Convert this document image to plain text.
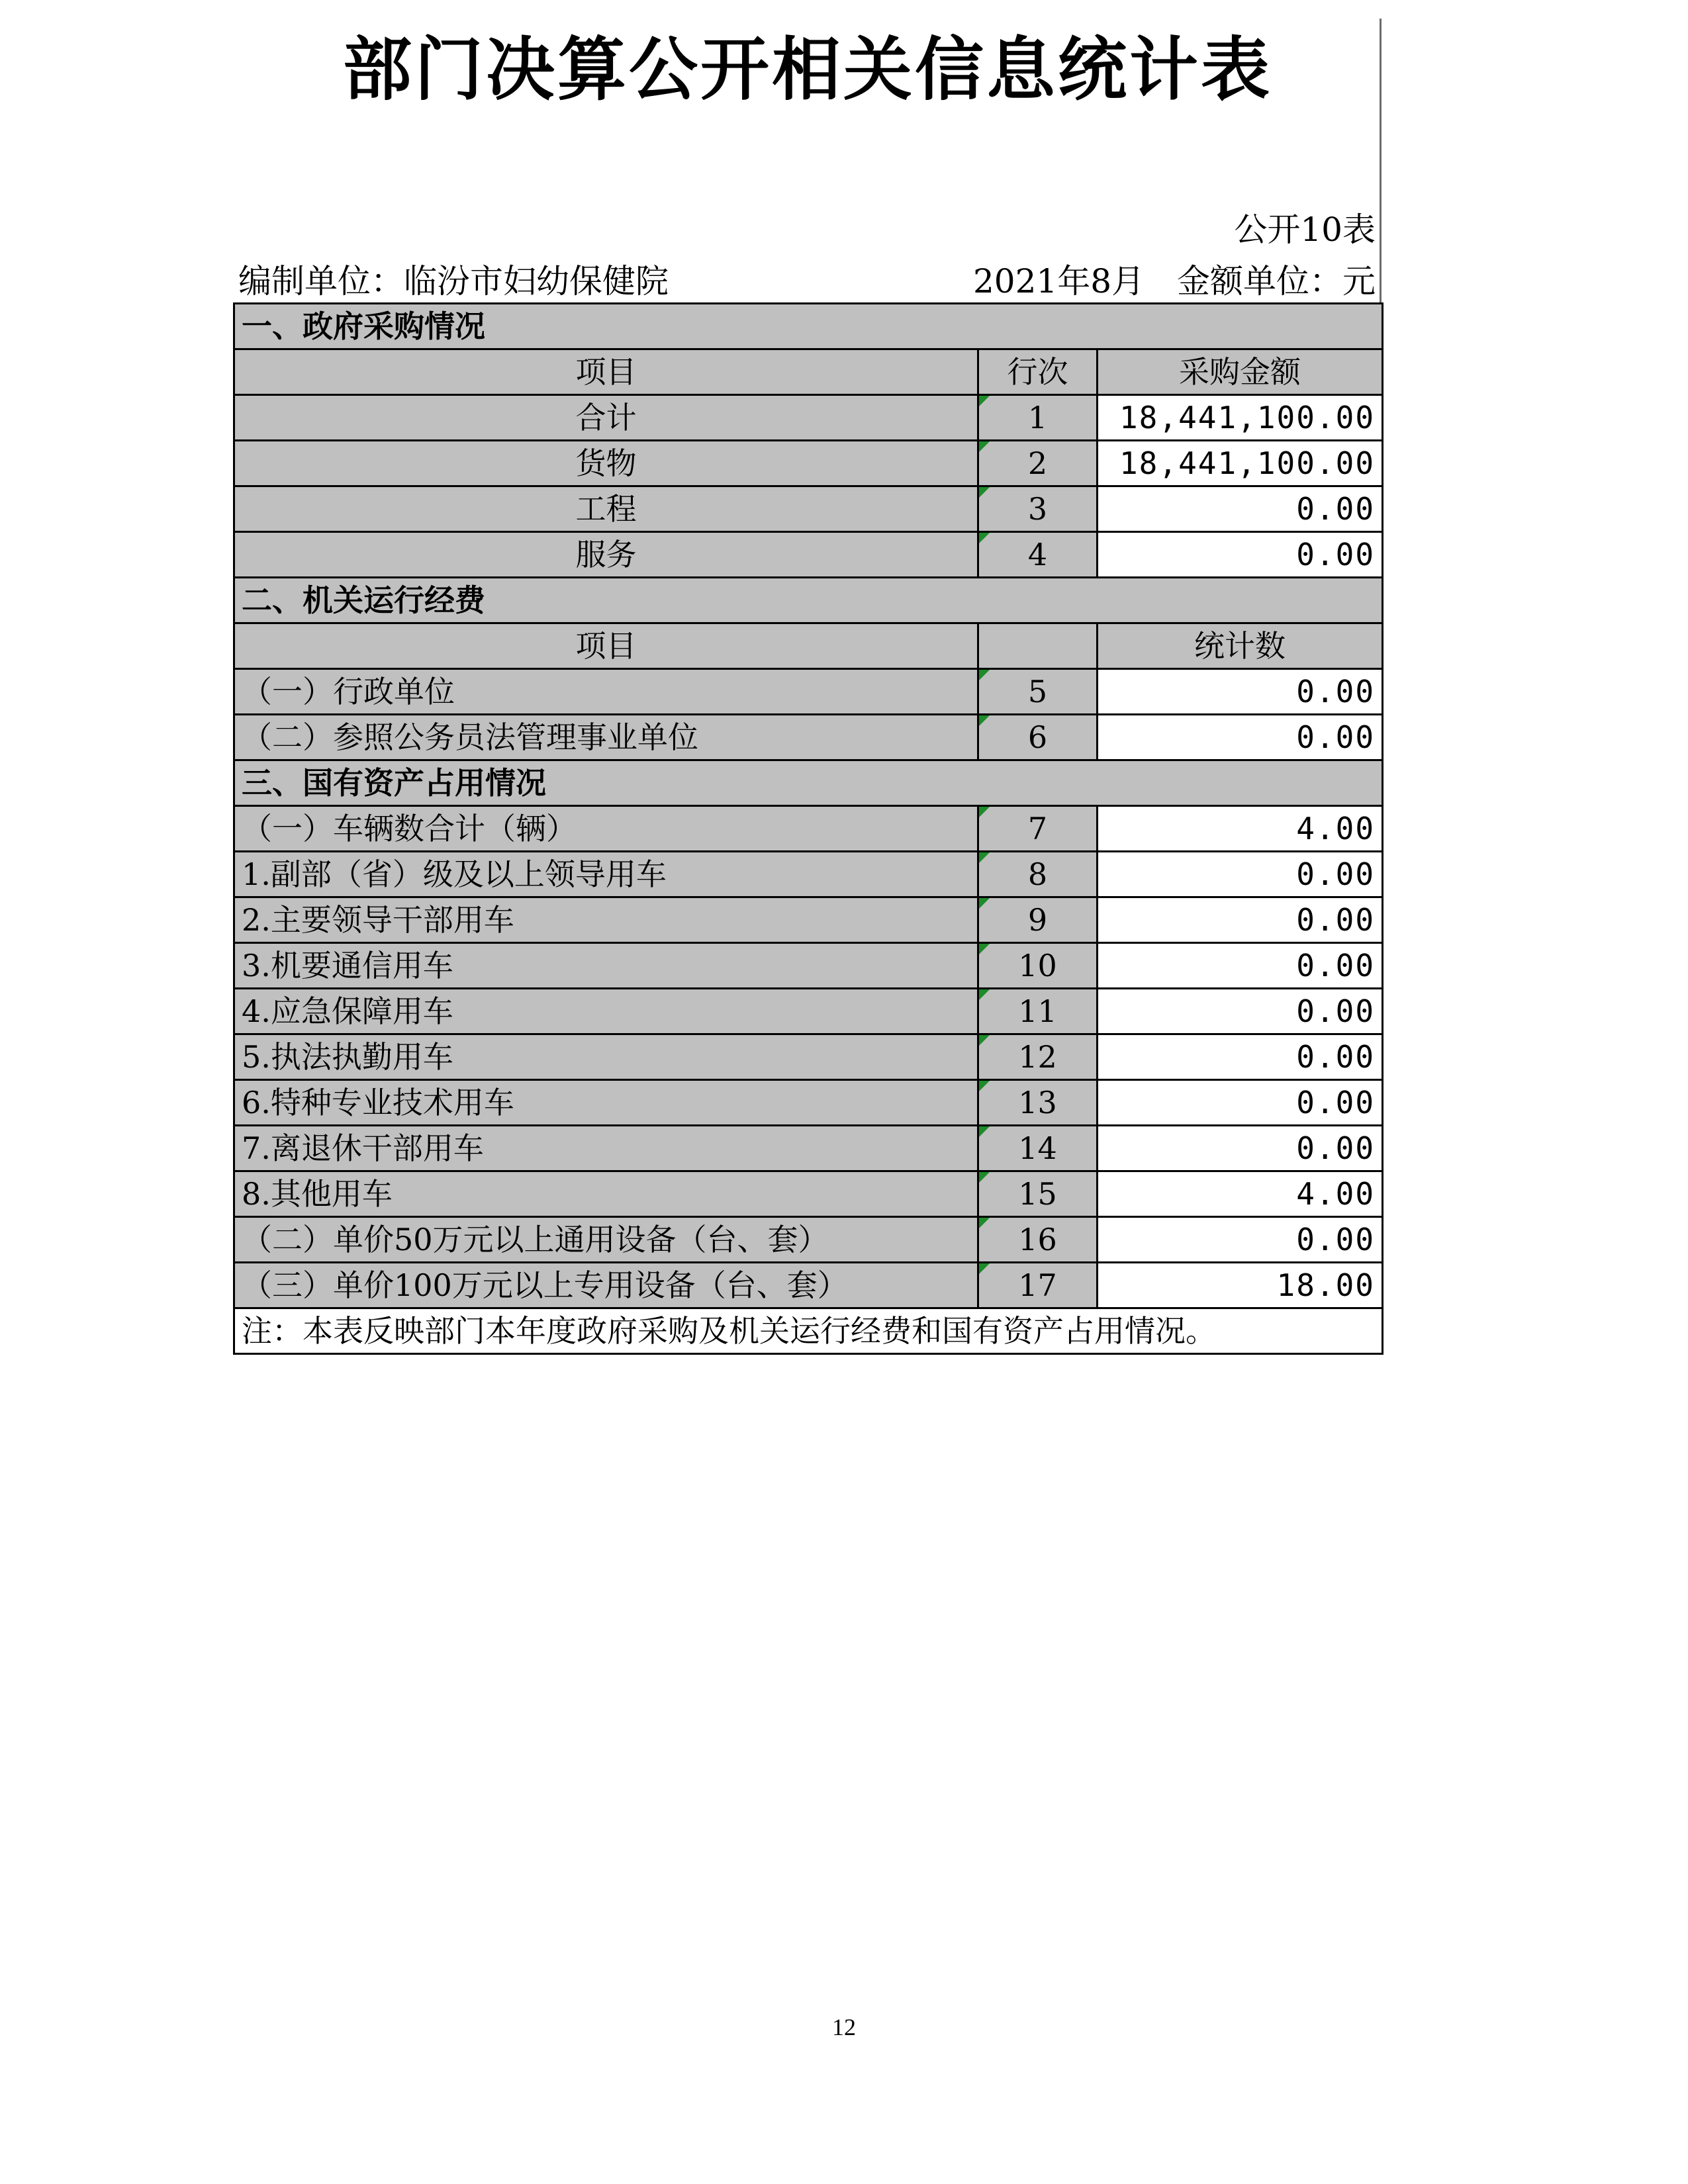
部门决算公开相关信息统计表
公开10表
编制单位：临汾市妇幼保健院	2021年8月 金额单位：元
一、政府采购情况		
项目	行次	采购金额
合计	1	18,441,100.00
货物	2	18,441,100.00
工程	3	0.00
服务	4	0.00
二、机关运行经费		
项目		统计数
（一）行政单位	5	0.00
（二）参照公务员法管理事业单位	6	0.00
三、国有资产占用情况		
（一）车辆数合计（辆）	7	4.00
1.副部（省）级及以上领导用车	8	0.00
2.主要领导干部用车	9	0.00
3.机要通信用车	10	0.00
4.应急保障用车	11	0.00
5.执法执勤用车	12	0.00
6.特种专业技术用车	13	0.00
7.离退休干部用车	14	0.00
8.其他用车	15	4.00
（二）单价50万元以上通用设备（台、套）	16	0.00
（三）单价100万元以上专用设备（台、套）	17	18.00
注：本表反映部门本年度政府采购及机关运行经费和国有资产占用情况。		
12
